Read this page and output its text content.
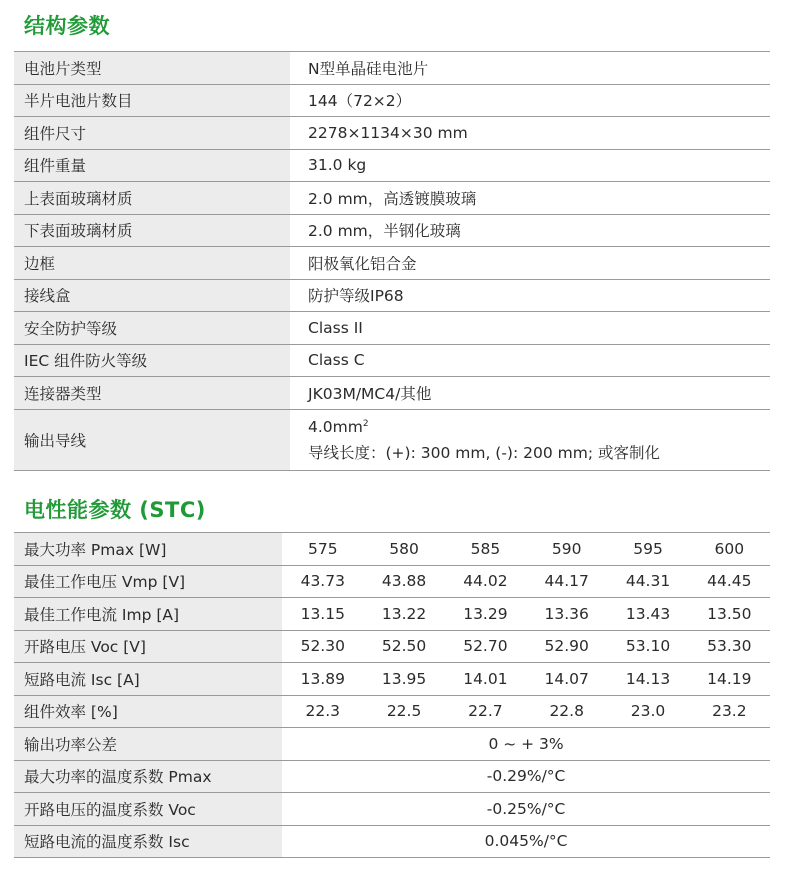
结构参数
电池片类型	N型单晶硅电池片
半片电池片数目	144（72×2）
组件尺寸	2278×1134×30 mm
组件重量	31.0 kg
上表面玻璃材质	2.0 mm，高透镀膜玻璃
下表面玻璃材质	2.0 mm，半钢化玻璃
边框	阳极氧化铝合金
接线盒	防护等级IP68
安全防护等级	Class II
IEC 组件防火等级	Class C
连接器类型	JK03M/MC4/其他
输出导线	$4.0mm^2$
导线长度：(+): 300 mm, (-): 200 mm; 或客制化
电性能参数 (STC)
最大功率 Pmax [W]	575	580	585	590	595	600
最佳工作电压 Vmp [V]	43.73	43.88	44.02	44.17	44.31	44.45
最佳工作电流 Imp [A]	13.15	13.22	13.29	13.36	13.43	13.50
开路电压 Voc [V]	52.30	52.50	52.70	52.90	53.10	53.30
短路电流 Isc [A]	13.89	13.95	14.01	14.07	14.13	14.19
组件效率 [%]	22.3	22.5	22.7	22.8	23.0	23.2
输出功率公差	0 ~ + 3%					
最大功率的温度系数 Pmax	-0.29%/°C					
开路电压的温度系数 Voc	-0.25%/°C					
短路电流的温度系数 Isc	0.045%/°C					
